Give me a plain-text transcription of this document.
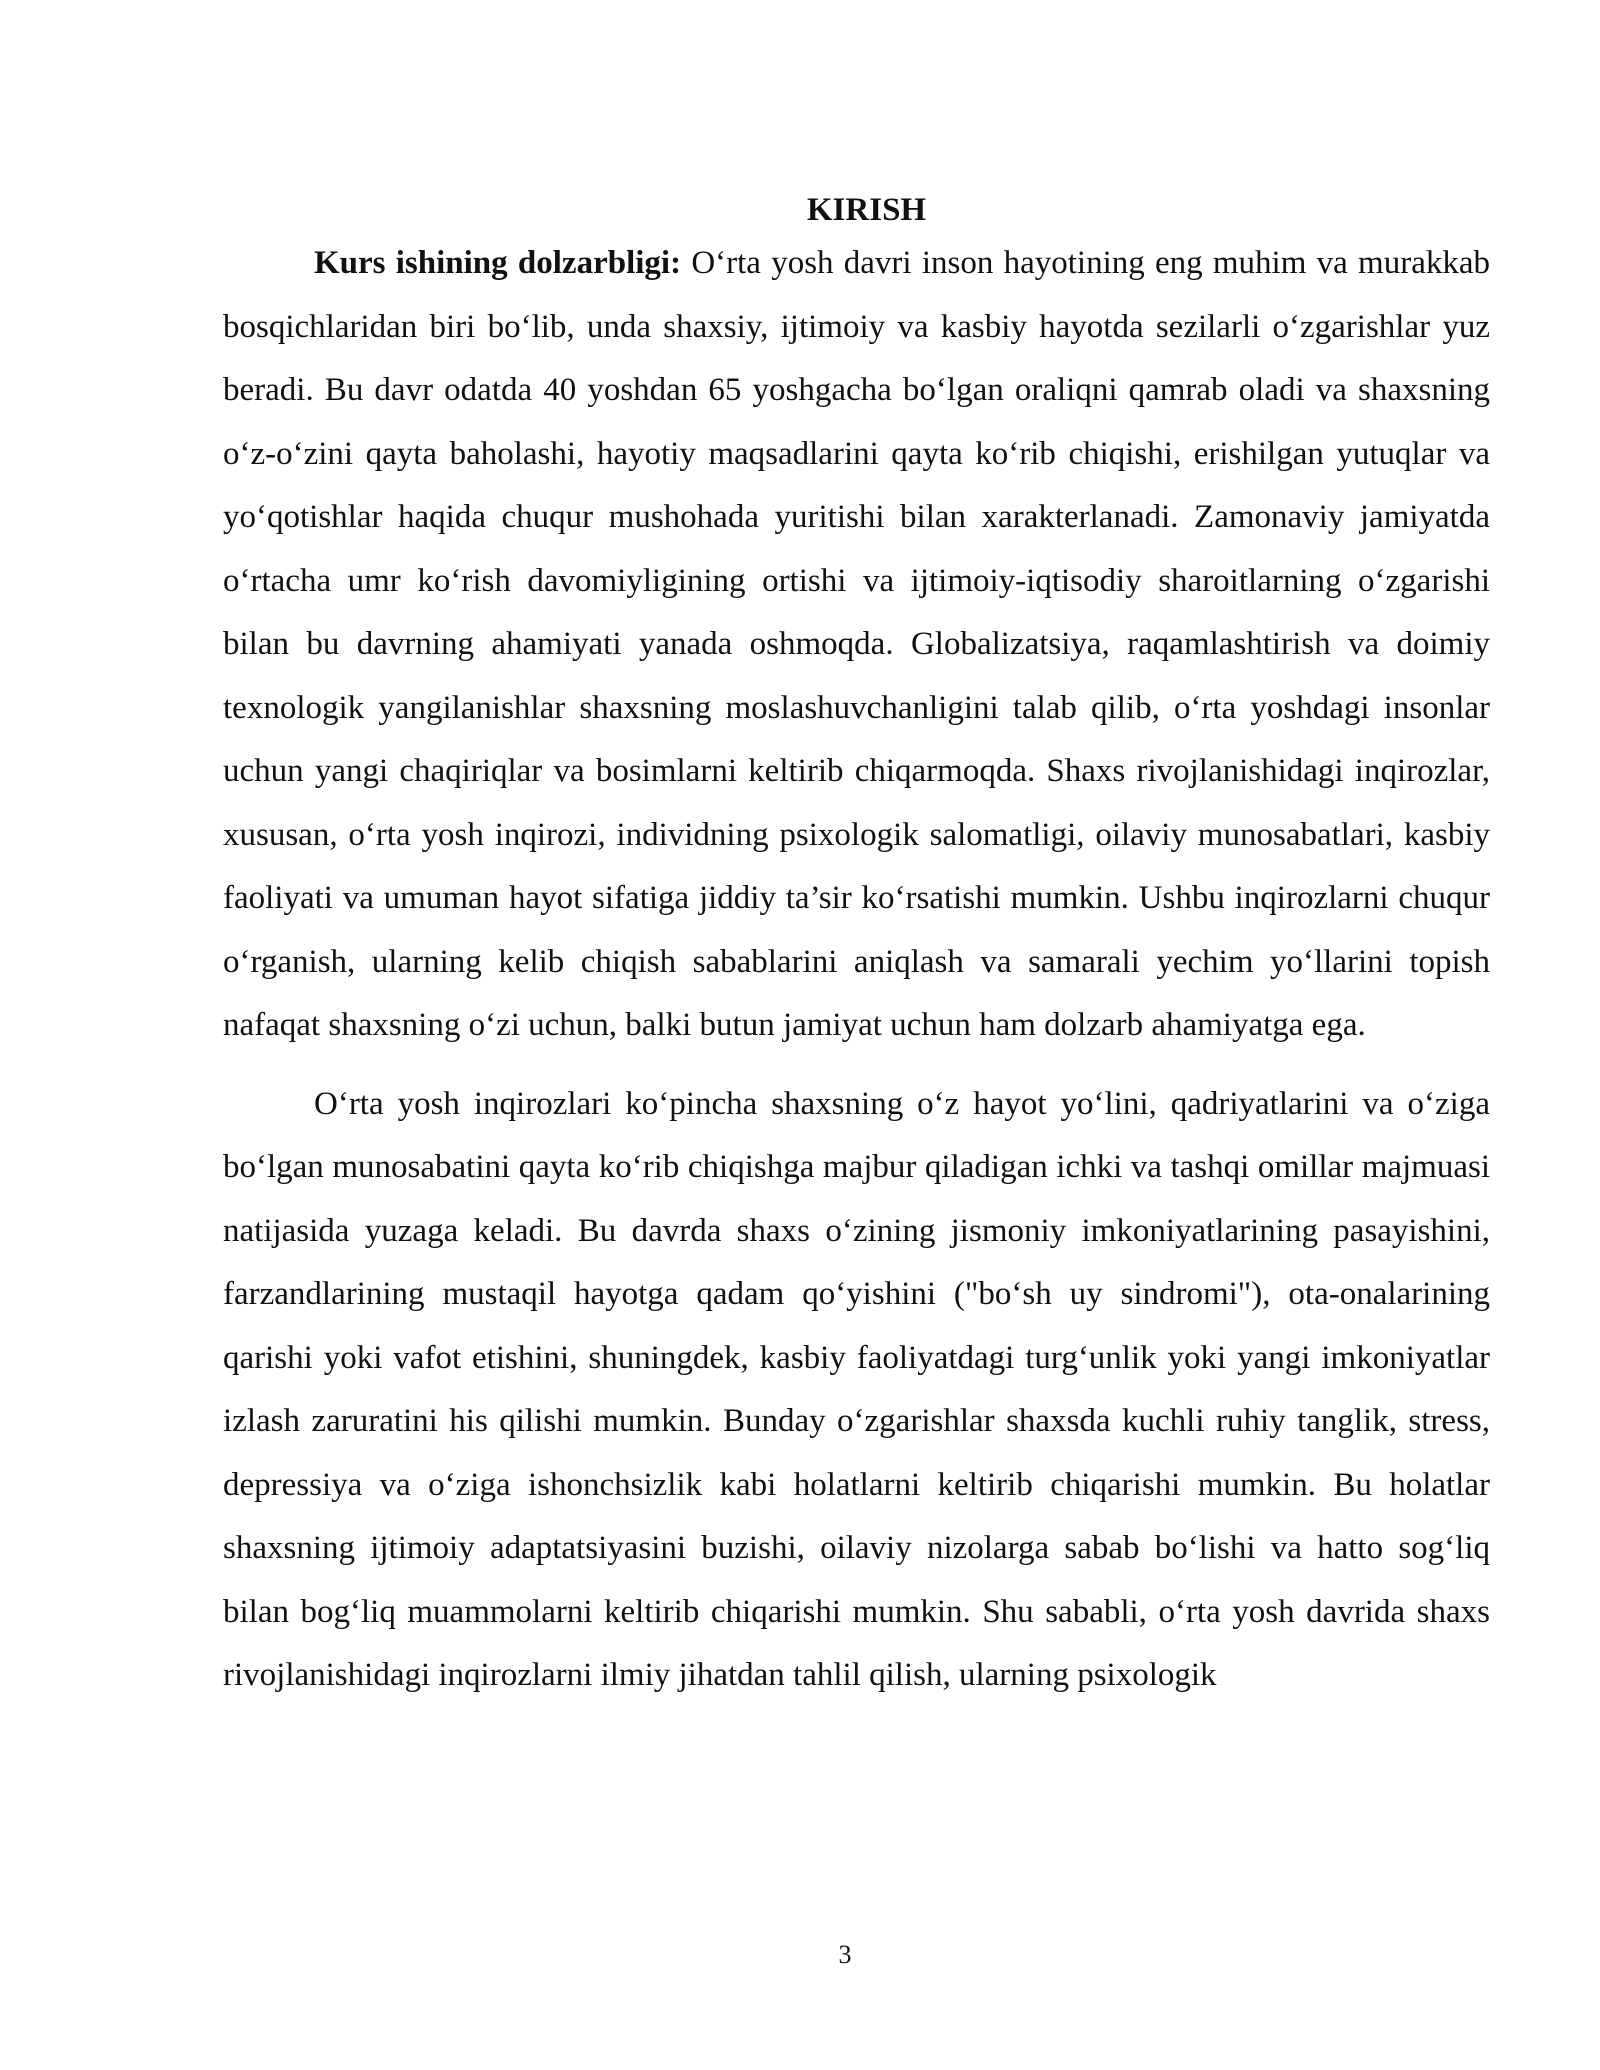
KIRISH

Kurs ishining dolzarbligi: O‘rta yosh davri inson hayotining eng muhim va murakkab bosqichlaridan biri bo‘lib, unda shaxsiy, ijtimoiy va kasbiy hayotda sezilarli o‘zgarishlar yuz beradi. Bu davr odatda 40 yoshdan 65 yoshgacha bo‘lgan oraliqni qamrab oladi va shaxsning o‘z-o‘zini qayta baholashi, hayotiy maqsadlarini qayta ko‘rib chiqishi, erishilgan yutuqlar va yo‘qotishlar haqida chuqur mushohada yuritishi bilan xarakterlanadi. Zamonaviy jamiyatda o‘rtacha umr ko‘rish davomiyligining ortishi va ijtimoiy-iqtisodiy sharoitlarning o‘zgarishi bilan bu davrning ahamiyati yanada oshmoqda. Globalizatsiya, raqamlashtirish va doimiy texnologik yangilanishlar shaxsning moslashuvchanligini talab qilib, o‘rta yoshdagi insonlar uchun yangi chaqiriqlar va bosimlarni keltirib chiqarmoqda. Shaxs rivojlanishidagi inqirozlar, xususan, o‘rta yosh inqirozi, individning psixologik salomatligi, oilaviy munosabatlari, kasbiy faoliyati va umuman hayot sifatiga jiddiy ta’sir ko‘rsatishi mumkin. Ushbu inqirozlarni chuqur o‘rganish, ularning kelib chiqish sabablarini aniqlash va samarali yechim yo‘llarini topish nafaqat shaxsning o‘zi uchun, balki butun jamiyat uchun ham dolzarb ahamiyatga ega.

O‘rta yosh inqirozlari ko‘pincha shaxsning o‘z hayot yo‘lini, qadriyatlarini va o‘ziga bo‘lgan munosabatini qayta ko‘rib chiqishga majbur qiladigan ichki va tashqi omillar majmuasi natijasida yuzaga keladi. Bu davrda shaxs o‘zining jismoniy imkoniyatlarining pasayishini, farzandlarining mustaqil hayotga qadam qo‘yishini ("bo‘sh uy sindromi"), ota-onalarining qarishi yoki vafot etishini, shuningdek, kasbiy faoliyatdagi turg‘unlik yoki yangi imkoniyatlar izlash zaruratini his qilishi mumkin. Bunday o‘zgarishlar shaxsda kuchli ruhiy tanglik, stress, depressiya va o‘ziga ishonchsizlik kabi holatlarni keltirib chiqarishi mumkin. Bu holatlar shaxsning ijtimoiy adaptatsiyasini buzishi, oilaviy nizolarga sabab bo‘lishi va hatto sog‘liq bilan bog‘liq muammolarni keltirib chiqarishi mumkin. Shu sababli, o‘rta yosh davrida shaxs rivojlanishidagi inqirozlarni ilmiy jihatdan tahlil qilish, ularning psixologik

3
